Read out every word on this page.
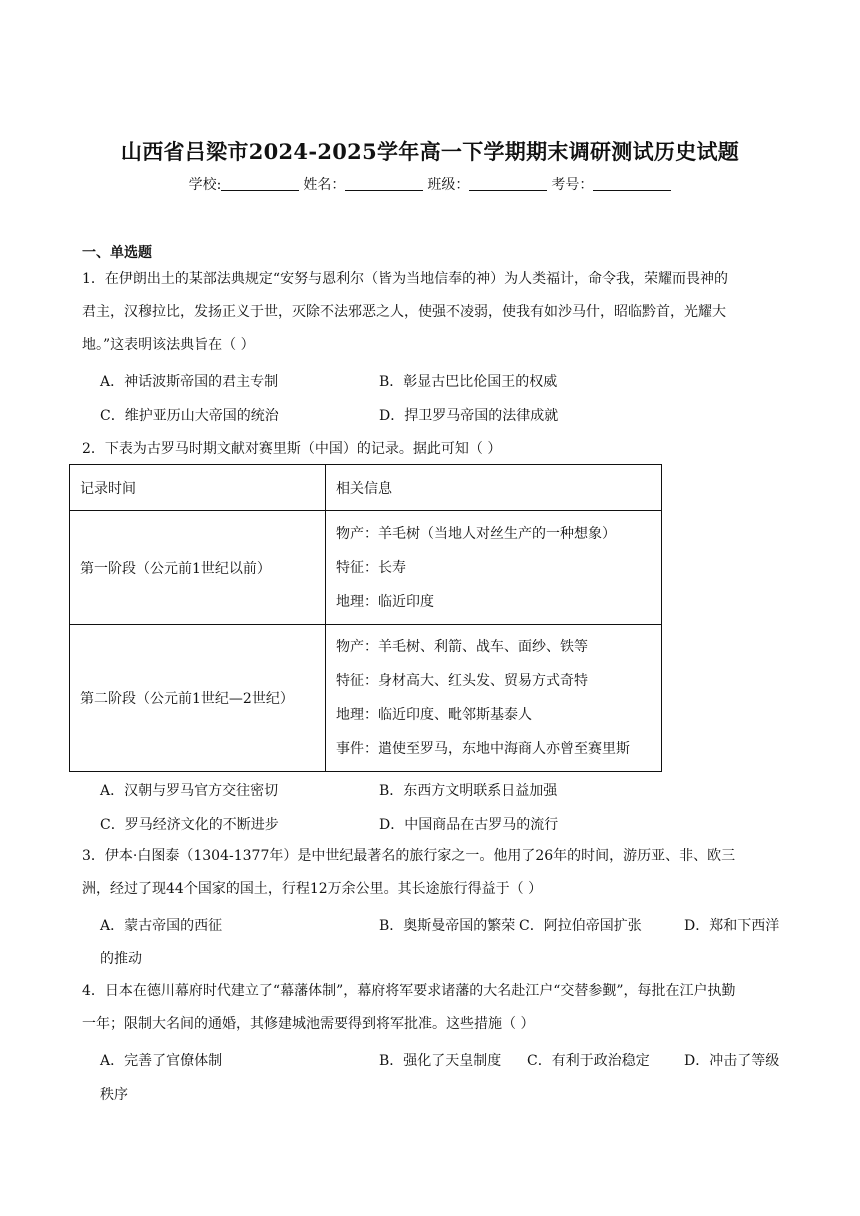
山西省吕梁市2024-2025学年高一下学期期末调研测试历史试题
学校:	姓名：	班级：	考号：
一、单选题
1．在伊朗出土的某部法典规定“安努与恩利尔（皆为当地信奉的神）为人类福计，命令我，荣耀而畏神的
君主，汉穆拉比，发扬正义于世，灭除不法邪恶之人，使强不凌弱，使我有如沙马什，昭临黔首，光耀大
地。”这表明该法典旨在（ ）
A．神话波斯帝国的君主专制	B．彰显古巴比伦国王的权威
C．维护亚历山大帝国的统治	D．捍卫罗马帝国的法律成就
2．下表为古罗马时期文献对赛里斯（中国）的记录。据此可知（ ）
记录时间	相关信息
第一阶段（公元前1世纪以前）	物产：羊毛树（当地人对丝生产的一种想象）
特征：长寿
地理：临近印度

第二阶段（公元前1世纪—2世纪）	物产：羊毛树、利箭、战车、面纱、铁等
特征：身材高大、红头发、贸易方式奇特
地理：临近印度、毗邻斯基泰人
事件：遣使至罗马，东地中海商人亦曾至赛里斯
A．汉朝与罗马官方交往密切	B．东西方文明联系日益加强
C．罗马经济文化的不断进步	D．中国商品在古罗马的流行
3．伊本·白图泰（1304-1377年）是中世纪最著名的旅行家之一。他用了26年的时间，游历亚、非、欧三
洲，经过了现44个国家的国土，行程12万余公里。其长途旅行得益于（ ）
A．蒙古帝国的西征	B．奥斯曼帝国的繁荣 C．阿拉伯帝国扩张	D．郑和下西洋
的推动
4．日本在德川幕府时代建立了“幕藩体制”，幕府将军要求诸藩的大名赴江户“交替参觐”，每批在江户执勤
一年；限制大名间的通婚，其修建城池需要得到将军批准。这些措施（ ）
A．完善了官僚体制	B．强化了天皇制度 C．有利于政治稳定 D．冲击了等级
秩序
